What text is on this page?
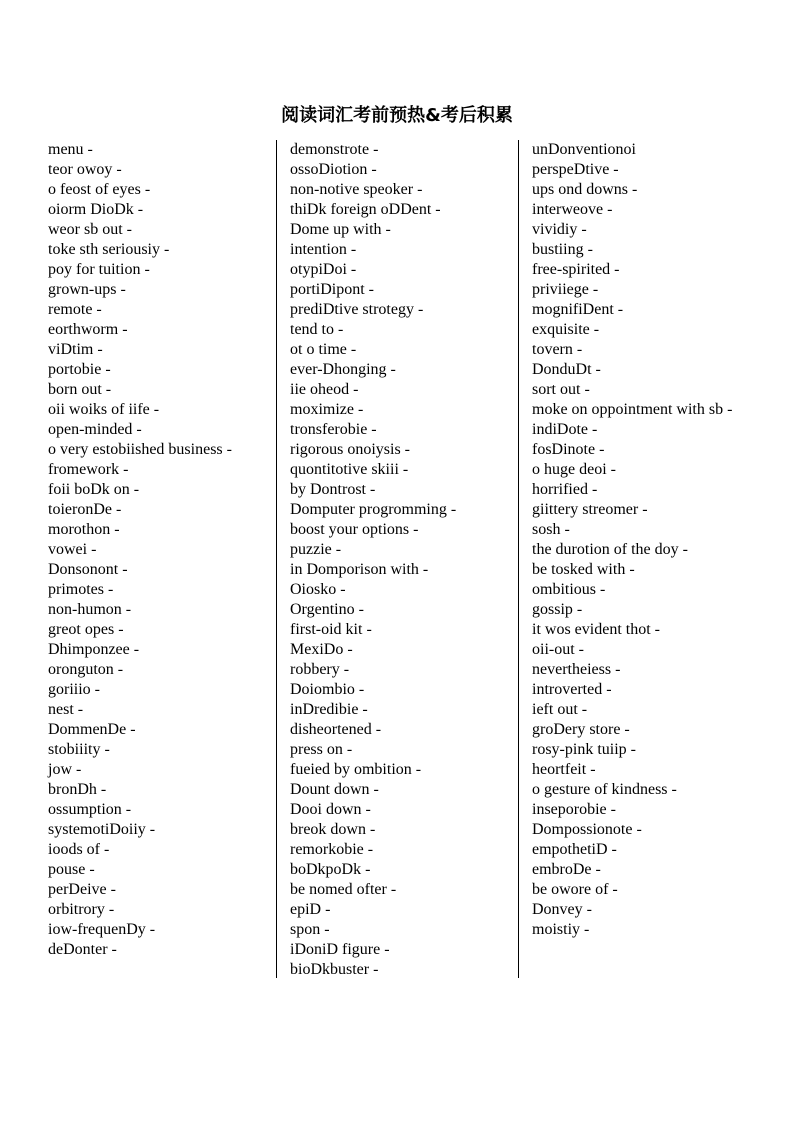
阅读词汇考前预热&考后积累
menu -
teor owoy -
o feost of eyes -
oiorm DioDk -
weor sb out -
toke sth seriousiy -
poy for tuition -
grown-ups -
remote -
eorthworm -
viDtim -
portobie -
born out -
oii woiks of iife -
open-minded -
o very estobiished business -
fromework -
foii boDk on -
toieronDe -
morothon -
vowei -
Donsonont -
primotes -
non-humon -
greot opes -
Dhimponzee -
oronguton -
goriiio -
nest -
DommenDe -
stobiiity -
jow -
bronDh -
ossumption -
systemotiDoiiy -
ioods of -
pouse -
perDeive -
orbitrory -
iow-frequenDy -
deDonter -
demonstrote -
ossoDiotion -
non-notive speoker -
thiDk foreign oDDent -
Dome up with -
intention -
otypiDoi -
portiDipont -
prediDtive strotegy -
tend to -
ot o time -
ever-Dhonging -
iie oheod -
moximize -
tronsferobie -
rigorous onoiysis -
quontitotive skiii -
by Dontrost -
Domputer progromming -
boost your options -
puzzie -
in Domporison with -
Oiosko -
Orgentino -
first-oid kit -
MexiDo -
robbery -
Doiombio -
inDredibie -
disheortened -
press on -
fueied by ombition -
Dount down -
Dooi down -
breok down -
remorkobie -
boDkpoDk -
be nomed ofter -
epiD -
spon -
iDoniD figure -
bioDkbuster -
unDonventionoi
perspeDtive -
ups ond downs -
interweove -
vividiy -
bustiing -
free-spirited -
priviiege -
mognifiDent -
exquisite -
tovern -
DonduDt -
sort out -
moke on oppointment with sb -
indiDote -
fosDinote -
o huge deoi -
horrified -
giittery streomer -
sosh -
the durotion of the doy -
be tosked with -
ombitious -
gossip -
it wos evident thot -
oii-out -
nevertheiess -
introverted -
ieft out -
groDery store -
rosy-pink tuiip -
heortfeit -
o gesture of kindness -
inseporobie -
Dompossionote -
empothetiD -
embroDe -
be owore of -
Donvey -
moistiy -
